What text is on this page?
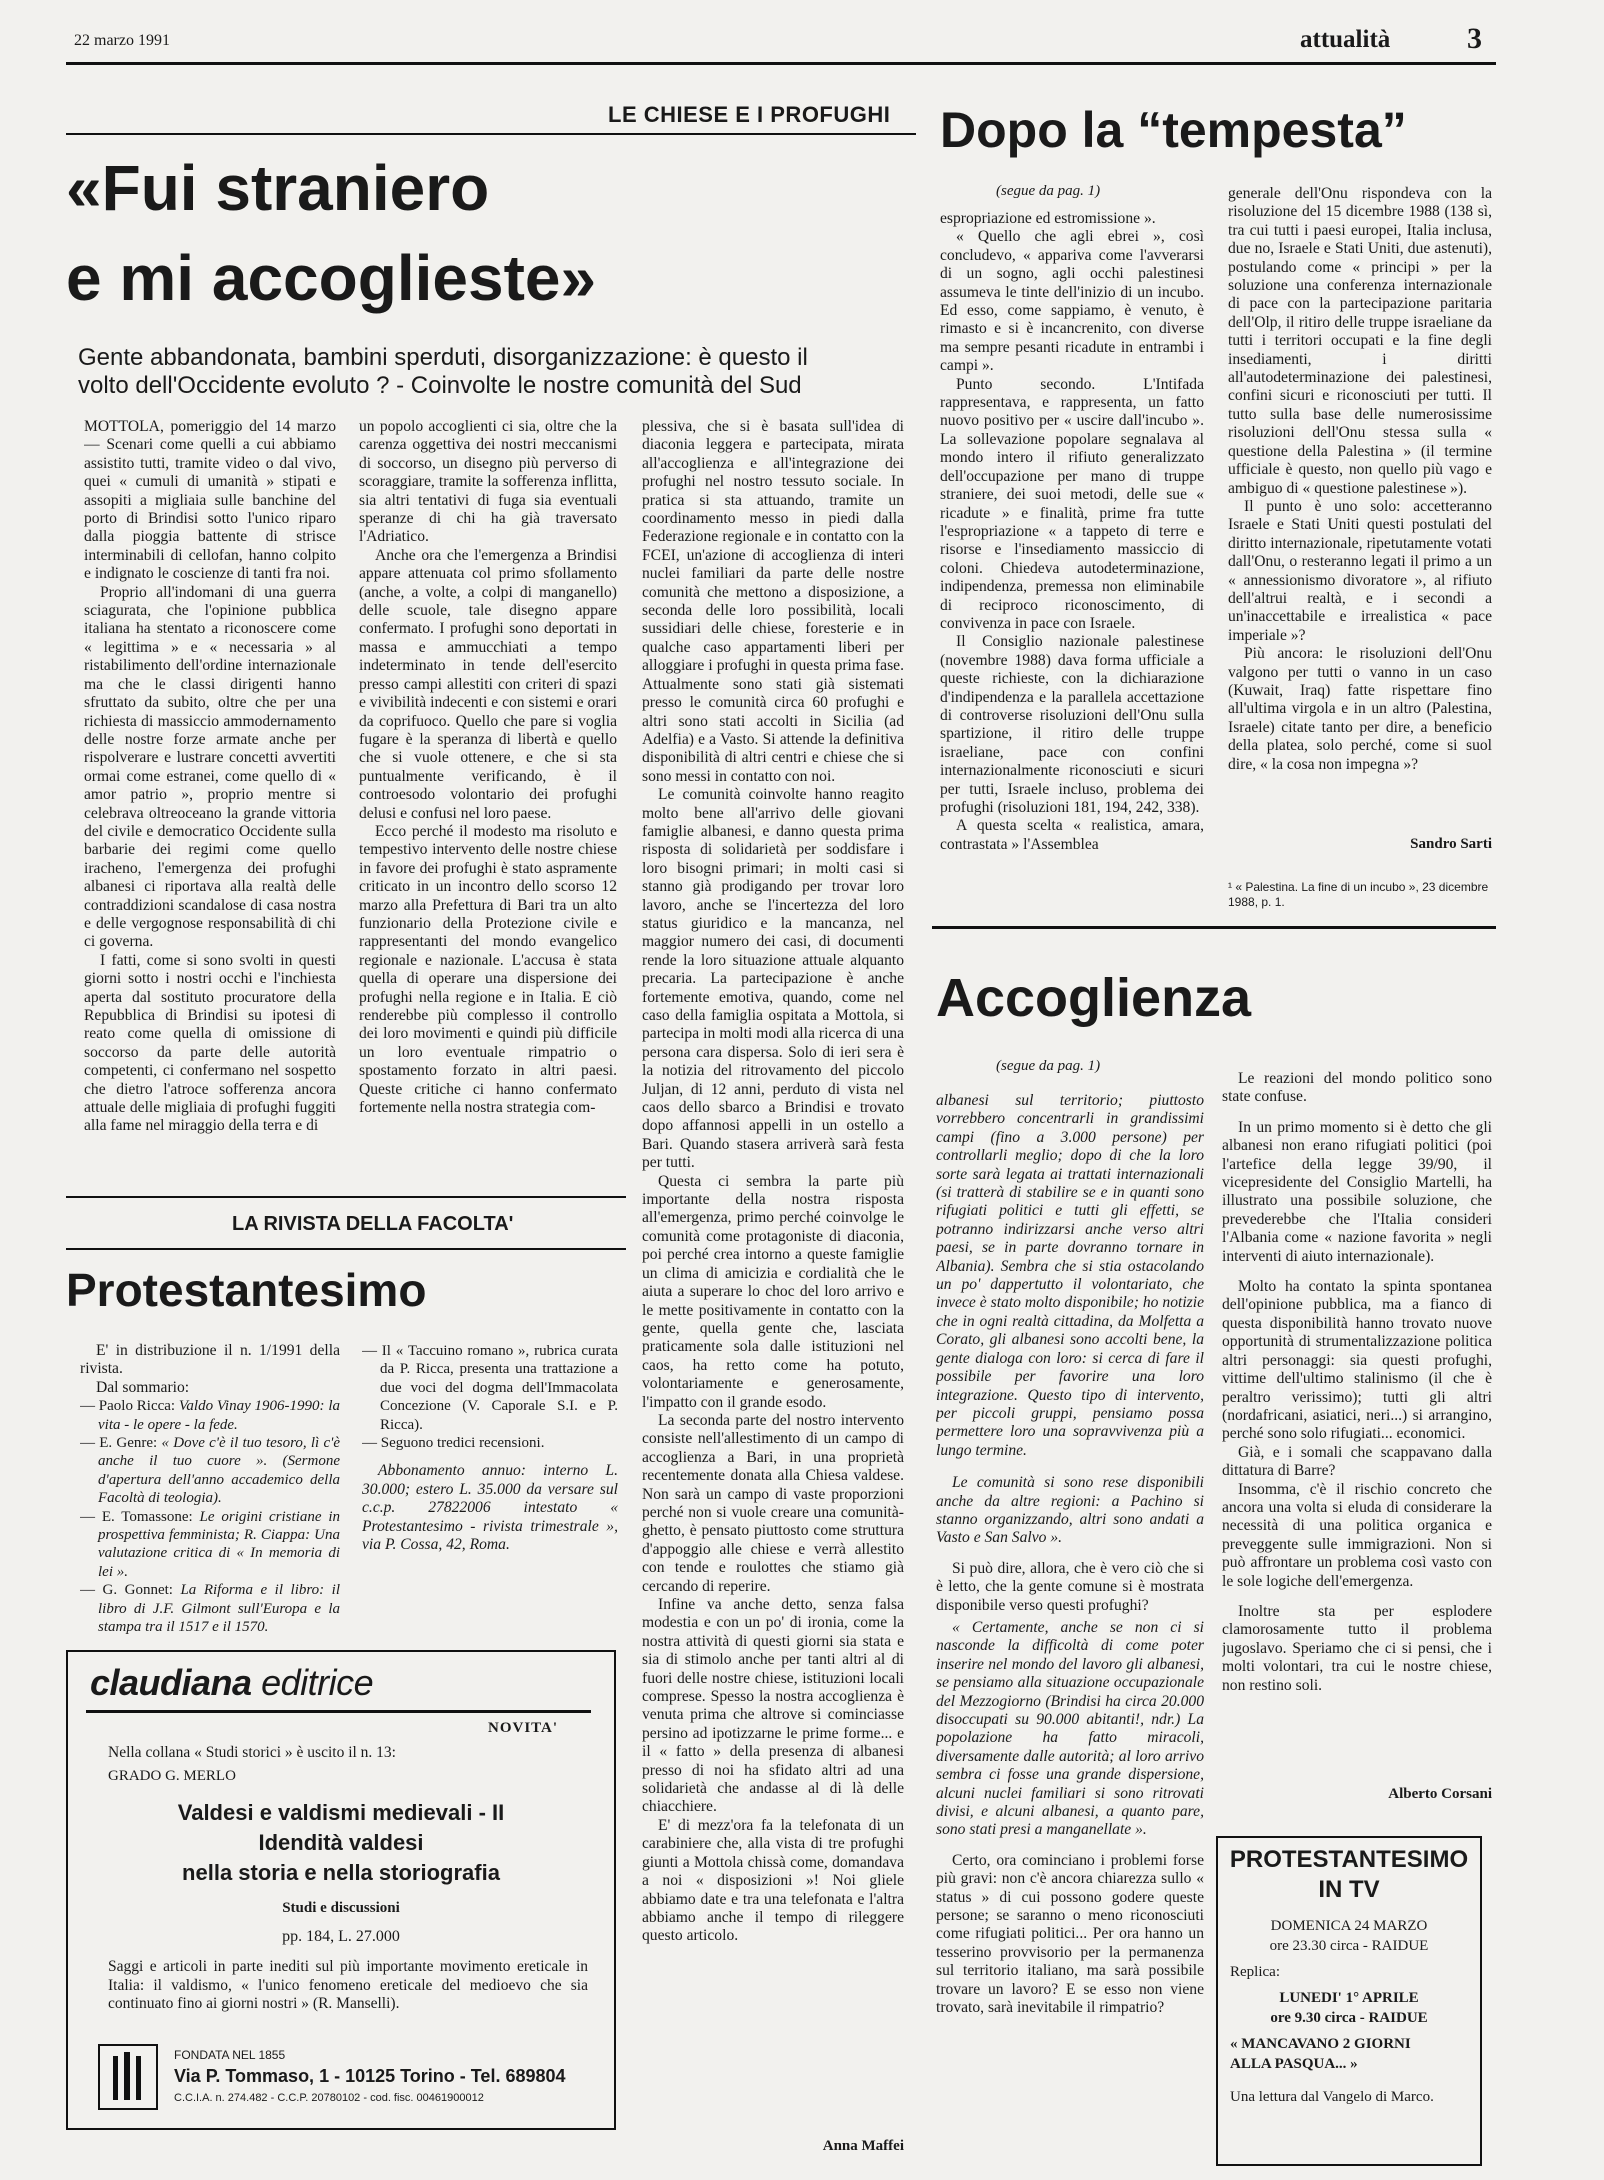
22 marzo 1991	attualità	3
LE CHIESE E I PROFUGHI
«Fui straniero
e mi accoglieste»
Gente abbandonata, bambini sperduti, disorganizzazione: è questo il
volto dell'Occidente evoluto ? - Coinvolte le nostre comunità del Sud

MOTTOLA, pomeriggio del 14 marzo — Scenari come quelli a cui abbiamo assistito tutti, tramite video o dal vivo, quei « cumuli di umanità » stipati e assopiti a migliaia sulle banchine del porto di Brindisi sotto l'unico riparo dalla pioggia battente di strisce interminabili di cellofan, hanno colpito e indignato le coscienze di tanti fra noi.

Proprio all'indomani di una guerra sciagurata, che l'opinione pubblica italiana ha stentato a riconoscere come « legittima » e « necessaria » al ristabilimento dell'ordine internazionale ma che le classi dirigenti hanno sfruttato da subito, oltre che per una richiesta di massiccio ammodernamento delle nostre forze armate anche per rispolverare e lustrare concetti avvertiti ormai come estranei, come quello di « amor patrio », proprio mentre si celebrava oltreoceano la grande vittoria del civile e democratico Occidente sulla barbarie dei regimi come quello iracheno, l'emergenza dei profughi albanesi ci riportava alla realtà delle contraddizioni scandalose di casa nostra e delle vergognose responsabilità di chi ci governa.

I fatti, come si sono svolti in questi giorni sotto i nostri occhi e l'inchiesta aperta dal sostituto procuratore della Repubblica di Brindisi su ipotesi di reato come quella di omissione di soccorso da parte delle autorità competenti, ci confermano nel sospetto che dietro l'atroce sofferenza ancora attuale delle migliaia di profughi fuggiti alla fame nel miraggio della terra e di

un popolo accoglienti ci sia, oltre che la carenza oggettiva dei nostri meccanismi di soccorso, un disegno più perverso di scoraggiare, tramite la sofferenza inflitta, sia altri tentativi di fuga sia eventuali speranze di chi ha già traversato l'Adriatico.

Anche ora che l'emergenza a Brindisi appare attenuata col primo sfollamento (anche, a volte, a colpi di manganello) delle scuole, tale disegno appare confermato. I profughi sono deportati in massa e ammucchiati a tempo indeterminato in tende dell'esercito presso campi allestiti con criteri di spazi e vivibilità indecenti e con sistemi e orari da coprifuoco. Quello che pare si voglia fugare è la speranza di libertà e quello che si vuole ottenere, e che si sta puntualmente verificando, è il controesodo volontario dei profughi delusi e confusi nel loro paese.

Ecco perché il modesto ma risoluto e tempestivo intervento delle nostre chiese in favore dei profughi è stato aspramente criticato in un incontro dello scorso 12 marzo alla Prefettura di Bari tra un alto funzionario della Protezione civile e rappresentanti del mondo evangelico regionale e nazionale. L'accusa è stata quella di operare una dispersione dei profughi nella regione e in Italia. E ciò renderebbe più complesso il controllo dei loro movimenti e quindi più difficile un loro eventuale rimpatrio o spostamento forzato in altri paesi. Queste critiche ci hanno confermato fortemente nella nostra strategia com-

plessiva, che si è basata sull'idea di diaconia leggera e partecipata, mirata all'accoglienza e all'integrazione dei profughi nel nostro tessuto sociale. In pratica si sta attuando, tramite un coordinamento messo in piedi dalla Federazione regionale e in contatto con la FCEI, un'azione di accoglienza di interi nuclei familiari da parte delle nostre comunità che mettono a disposizione, a seconda delle loro possibilità, locali sussidiari delle chiese, foresterie e in qualche caso appartamenti liberi per alloggiare i profughi in questa prima fase. Attualmente sono stati già sistemati presso le comunità circa 60 profughi e altri sono stati accolti in Sicilia (ad Adelfia) e a Vasto. Si attende la definitiva disponibilità di altri centri e chiese che si sono messi in contatto con noi.

Le comunità coinvolte hanno reagito molto bene all'arrivo delle giovani famiglie albanesi, e danno questa prima risposta di solidarietà per soddisfare i loro bisogni primari; in molti casi si stanno già prodigando per trovar loro lavoro, anche se l'incertezza del loro status giuridico e la mancanza, nel maggior numero dei casi, di documenti rende la loro situazione attuale alquanto precaria. La partecipazione è anche fortemente emotiva, quando, come nel caso della famiglia ospitata a Mottola, si partecipa in molti modi alla ricerca di una persona cara dispersa. Solo di ieri sera è la notizia del ritrovamento del piccolo Juljan, di 12 anni, perduto di vista nel caos dello sbarco a Brindisi e trovato dopo affannosi appelli in un ostello a Bari. Quando stasera arriverà sarà festa per tutti.

Questa ci sembra la parte più importante della nostra risposta all'emergenza, primo perché coinvolge le comunità come protagoniste di diaconia, poi perché crea intorno a queste famiglie un clima di amicizia e cordialità che le aiuta a superare lo choc del loro arrivo e le mette positivamente in contatto con la gente, quella gente che, lasciata praticamente sola dalle istituzioni nel caos, ha retto come ha potuto, volontariamente e generosamente, l'impatto con il grande esodo.

La seconda parte del nostro intervento consiste nell'allestimento di un campo di accoglienza a Bari, in una proprietà recentemente donata alla Chiesa valdese. Non sarà un campo di vaste proporzioni perché non si vuole creare una comunità-ghetto, è pensato piuttosto come struttura d'appoggio alle chiese e verrà allestito con tende e roulottes che stiamo già cercando di reperire.

Infine va anche detto, senza falsa modestia e con un po' di ironia, come la nostra attività di questi giorni sia stata e sia di stimolo anche per tanti altri al di fuori delle nostre chiese, istituzioni locali comprese. Spesso la nostra accoglienza è venuta prima che altrove si cominciasse persino ad ipotizzarne le prime forme... e il « fatto » della presenza di albanesi presso di noi ha sfidato altri ad una solidarietà che andasse al di là delle chiacchiere.

E' di mezz'ora fa la telefonata di un carabiniere che, alla vista di tre profughi giunti a Mottola chissà come, domandava a noi « disposizioni »! Noi gliele abbiamo date e tra una telefonata e l'altra abbiamo anche il tempo di rileggere questo articolo.

Anna Maffei
Dopo la “tempesta”
(segue da pag. 1)

espropriazione ed estromissione ».

« Quello che agli ebrei », così concludevo, « appariva come l'avverarsi di un sogno, agli occhi palestinesi assumeva le tinte dell'inizio di un incubo. Ed esso, come sappiamo, è venuto, è rimasto e si è incancrenito, con diverse ma sempre pesanti ricadute in entrambi i campi ».

Punto secondo. L'Intifada rappresentava, e rappresenta, un fatto nuovo positivo per « uscire dall'incubo ». La sollevazione popolare segnalava al mondo intero il rifiuto generalizzato dell'occupazione per mano di truppe straniere, dei suoi metodi, delle sue « ricadute » e finalità, prime fra tutte l'espropriazione « a tappeto di terre e risorse e l'insediamento massiccio di coloni. Chiedeva autodeterminazione, indipendenza, premessa non eliminabile di reciproco riconoscimento, di convivenza in pace con Israele.

Il Consiglio nazionale palestinese (novembre 1988) dava forma ufficiale a queste richieste, con la dichiarazione d'indipendenza e la parallela accettazione di controverse risoluzioni dell'Onu sulla spartizione, il ritiro delle truppe israeliane, pace con confini internazionalmente riconosciuti e sicuri per tutti, Israele incluso, problema dei profughi (risoluzioni 181, 194, 242, 338).

A questa scelta « realistica, amara, contrastata » l'Assemblea

generale dell'Onu rispondeva con la risoluzione del 15 dicembre 1988 (138 sì, tra cui tutti i paesi europei, Italia inclusa, due no, Israele e Stati Uniti, due astenuti), postulando come « principi » per la soluzione una conferenza internazionale di pace con la partecipazione paritaria dell'Olp, il ritiro delle truppe israeliane da tutti i territori occupati e la fine degli insediamenti, i diritti all'autodeterminazione dei palestinesi, confini sicuri e riconosciuti per tutti. Il tutto sulla base delle numerosissime risoluzioni dell'Onu stessa sulla « questione della Palestina » (il termine ufficiale è questo, non quello più vago e ambiguo di « questione palestinese »).

Il punto è uno solo: accetteranno Israele e Stati Uniti questi postulati del diritto internazionale, ripetutamente votati dall'Onu, o resteranno legati il primo a un « annessionismo divoratore », al rifiuto dell'altrui realtà, e i secondi a un'inaccettabile e irrealistica « pace imperiale »?

Più ancora: le risoluzioni dell'Onu valgono per tutti o vanno in un caso (Kuwait, Iraq) fatte rispettare fino all'ultima virgola e in un altro (Palestina, Israele) citate tanto per dire, a beneficio della platea, solo perché, come si suol dire, « la cosa non impegna »?

Sandro Sarti
¹ « Palestina. La fine di un incubo », 23 dicembre 1988, p. 1.
Accoglienza
(segue da pag. 1)

albanesi sul territorio; piuttosto vorrebbero concentrarli in grandissimi campi (fino a 3.000 persone) per controllarli meglio; dopo di che la loro sorte sarà legata ai trattati internazionali (si tratterà di stabilire se e in quanti sono rifugiati politici e tutti gli effetti, se potranno indirizzarsi anche verso altri paesi, se in parte dovranno tornare in Albania). Sembra che si stia ostacolando un po' dappertutto il volontariato, che invece è stato molto disponibile; ho notizie che in ogni realtà cittadina, da Molfetta a Corato, gli albanesi sono accolti bene, la gente dialoga con loro: si cerca di fare il possibile per favorire una loro integrazione. Questo tipo di intervento, per piccoli gruppi, pensiamo possa permettere loro una sopravvivenza più a lungo termine.

Le comunità si sono rese disponibili anche da altre regioni: a Pachino si stanno organizzando, altri sono andati a Vasto e San Salvo ».

Si può dire, allora, che è vero ciò che si è letto, che la gente comune si è mostrata disponibile verso questi profughi?

« Certamente, anche se non ci si nasconde la difficoltà di come poter inserire nel mondo del lavoro gli albanesi, se pensiamo alla situazione occupazionale del Mezzogiorno (Brindisi ha circa 20.000 disoccupati su 90.000 abitanti!, ndr.) La popolazione ha fatto miracoli, diversamente dalle autorità; al loro arrivo sembra ci fosse una grande dispersione, alcuni nuclei familiari si sono ritrovati divisi, e alcuni albanesi, a quanto pare, sono stati presi a manganellate ».

Certo, ora cominciano i problemi forse più gravi: non c'è ancora chiarezza sullo « status » di cui possono godere queste persone; se saranno o meno riconosciuti come rifugiati politici... Per ora hanno un tesserino provvisorio per la permanenza sul territorio italiano, ma sarà possibile trovare un lavoro? E se esso non viene trovato, sarà inevitabile il rimpatrio?

Le reazioni del mondo politico sono state confuse.

In un primo momento si è detto che gli albanesi non erano rifugiati politici (poi l'artefice della legge 39/90, il vicepresidente del Consiglio Martelli, ha illustrato una possibile soluzione, che prevederebbe che l'Italia consideri l'Albania come « nazione favorita » negli interventi di aiuto internazionale).

Molto ha contato la spinta spontanea dell'opinione pubblica, ma a fianco di questa disponibilità hanno trovato nuove opportunità di strumentalizzazione politica altri personaggi: sia questi profughi, vittime dell'ultimo stalinismo (il che è peraltro verissimo); tutti gli altri (nordafricani, asiatici, neri...) si arrangino, perché sono solo rifugiati... economici.

Già, e i somali che scappavano dalla dittatura di Barre?

Insomma, c'è il rischio concreto che ancora una volta si eluda di considerare la necessità di una politica organica e preveggente sulle immigrazioni. Non si può affrontare un problema così vasto con le sole logiche dell'emergenza.

Inoltre sta per esplodere clamorosamente tutto il problema jugoslavo. Speriamo che ci si pensi, che i molti volontari, tra cui le nostre chiese, non restino soli.

Alberto Corsani
PROTESTANTESIMO
IN TV
DOMENICA 24 MARZO
ore 23.30 circa - RAIDUE
Replica:
LUNEDI' 1° APRILE
ore 9.30 circa - RAIDUE
« MANCAVANO 2 GIORNI
ALLA PASQUA... »
Una lettura dal Vangelo di Marco.
LA RIVISTA DELLA FACOLTA'
Protestantesimo

E' in distribuzione il n. 1/1991 della rivista.

Dal sommario:

— Paolo Ricca: Valdo Vinay 1906-1990: la vita - le opere - la fede.
— E. Genre: « Dove c'è il tuo tesoro, lì c'è anche il tuo cuore ». (Sermone d'apertura dell'anno accademico della Facoltà di teologia).
— E. Tomassone: Le origini cristiane in prospettiva femminista; R. Ciappa: Una valutazione critica di « In memoria di lei ».
— G. Gonnet: La Riforma e il libro: il libro di J.F. Gilmont sull'Europa e la stampa tra il 1517 e il 1570.
— Il « Taccuino romano », rubrica curata da P. Ricca, presenta una trattazione a due voci del dogma dell'Immacolata Concezione (V. Caporale S.I. e P. Ricca).
— Seguono tredici recensioni.

Abbonamento annuo: interno L. 30.000; estero L. 35.000 da versare sul c.c.p. 27822006 intestato « Protestantesimo - rivista trimestrale », via P. Cossa, 42, Roma.

claudiana editrice
NOVITA'
Nella collana « Studi storici » è uscito il n. 13:
GRADO G. MERLO
Valdesi e valdismi medievali - II
Idendità valdesi
nella storia e nella storiografia
Studi e discussioni
pp. 184, L. 27.000
Saggi e articoli in parte inediti sul più importante movimento ereticale in Italia: il valdismo, « l'unico fenomeno ereticale del medioevo che sia continuato fino ai giorni nostri » (R. Manselli).
FONDATA NEL 1855
Via P. Tommaso, 1 - 10125 Torino - Tel. 689804
C.C.I.A. n. 274.482 - C.C.P. 20780102 - cod. fisc. 00461900012
